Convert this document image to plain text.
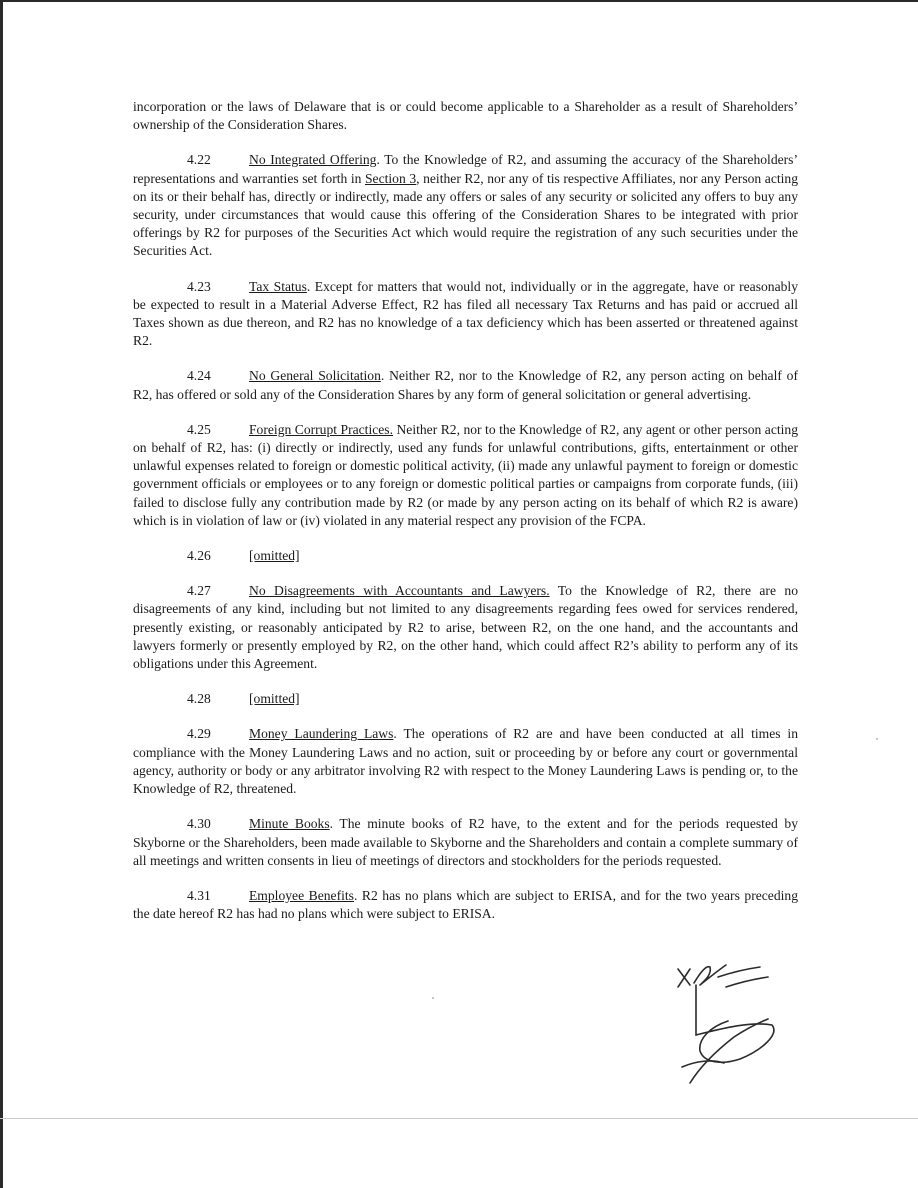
incorporation or the laws of Delaware that is or could become applicable to a Shareholder as a result of Shareholders’ ownership of the Consideration Shares.

4.22	No Integrated Offering. To the Knowledge of R2, and assuming the accuracy of the Shareholders’ representations and warranties set forth in Section 3, neither R2, nor any of tis respective Affiliates, nor any Person acting on its or their behalf has, directly or indirectly, made any offers or sales of any security or solicited any offers to buy any security, under circumstances that would cause this offering of the Consideration Shares to be integrated with prior offerings by R2 for purposes of the Securities Act which would require the registration of any such securities under the Securities Act.

4.23	Tax Status. Except for matters that would not, individually or in the aggregate, have or reasonably be expected to result in a Material Adverse Effect, R2 has filed all necessary Tax Returns and has paid or accrued all Taxes shown as due thereon, and R2 has no knowledge of a tax deficiency which has been asserted or threatened against R2.

4.24	No General Solicitation. Neither R2, nor to the Knowledge of R2, any person acting on behalf of R2, has offered or sold any of the Consideration Shares by any form of general solicitation or general advertising.

4.25	Foreign Corrupt Practices. Neither R2, nor to the Knowledge of R2, any agent or other person acting on behalf of R2, has: (i) directly or indirectly, used any funds for unlawful contributions, gifts, entertainment or other unlawful expenses related to foreign or domestic political activity, (ii) made any unlawful payment to foreign or domestic government officials or employees or to any foreign or domestic political parties or campaigns from corporate funds, (iii) failed to disclose fully any contribution made by R2 (or made by any person acting on its behalf of which R2 is aware) which is in violation of law or (iv) violated in any material respect any provision of the FCPA.

4.26	[omitted]

4.27	No Disagreements with Accountants and Lawyers. To the Knowledge of R2, there are no disagreements of any kind, including but not limited to any disagreements regarding fees owed for services rendered, presently existing, or reasonably anticipated by R2 to arise, between R2, on the one hand, and the accountants and lawyers formerly or presently employed by R2, on the other hand, which could affect R2’s ability to perform any of its obligations under this Agreement.

4.28	[omitted]

4.29	Money Laundering Laws. The operations of R2 are and have been conducted at all times in compliance with the Money Laundering Laws and no action, suit or proceeding by or before any court or governmental agency, authority or body or any arbitrator involving R2 with respect to the Money Laundering Laws is pending or, to the Knowledge of R2, threatened.

4.30	Minute Books. The minute books of R2 have, to the extent and for the periods requested by Skyborne or the Shareholders, been made available to Skyborne and the Shareholders and contain a complete summary of all meetings and written consents in lieu of meetings of directors and stockholders for the periods requested.

4.31	Employee Benefits. R2 has no plans which are subject to ERISA, and for the two years preceding the date hereof R2 has had no plans which were subject to ERISA.
